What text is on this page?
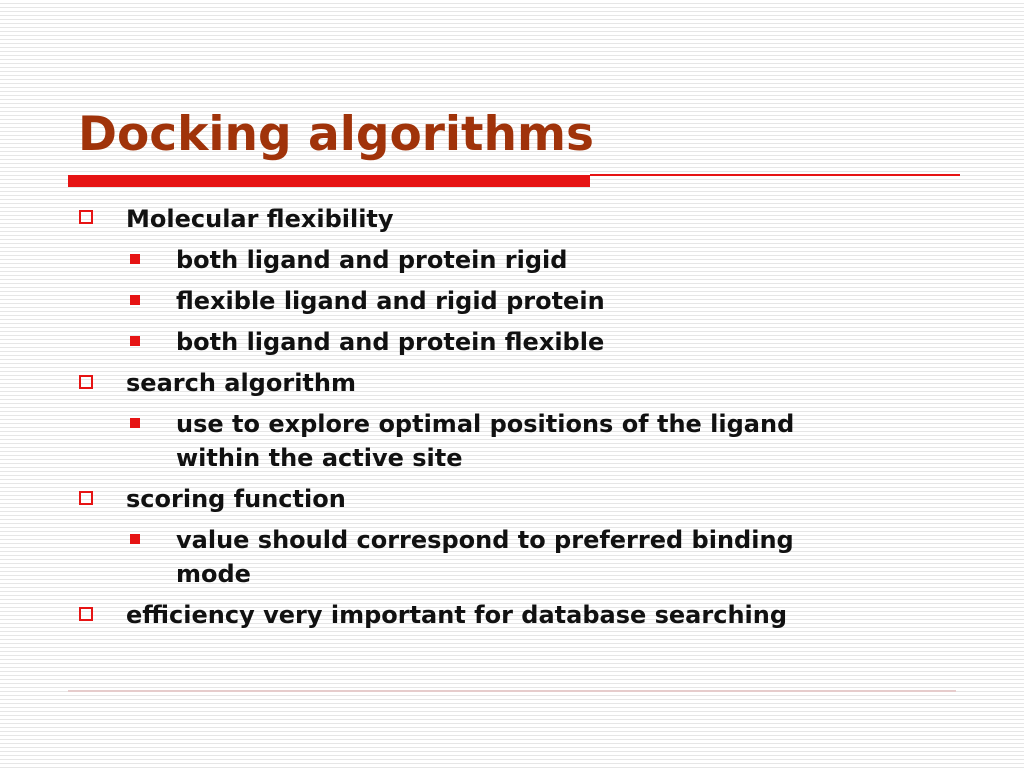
Docking algorithms
Molecular flexibility
both ligand and protein rigid
flexible ligand and rigid protein
both ligand and protein flexible
search algorithm
use to explore optimal positions of the ligand
within the active site
scoring function
value should correspond to preferred binding
mode
efficiency very important for database searching
